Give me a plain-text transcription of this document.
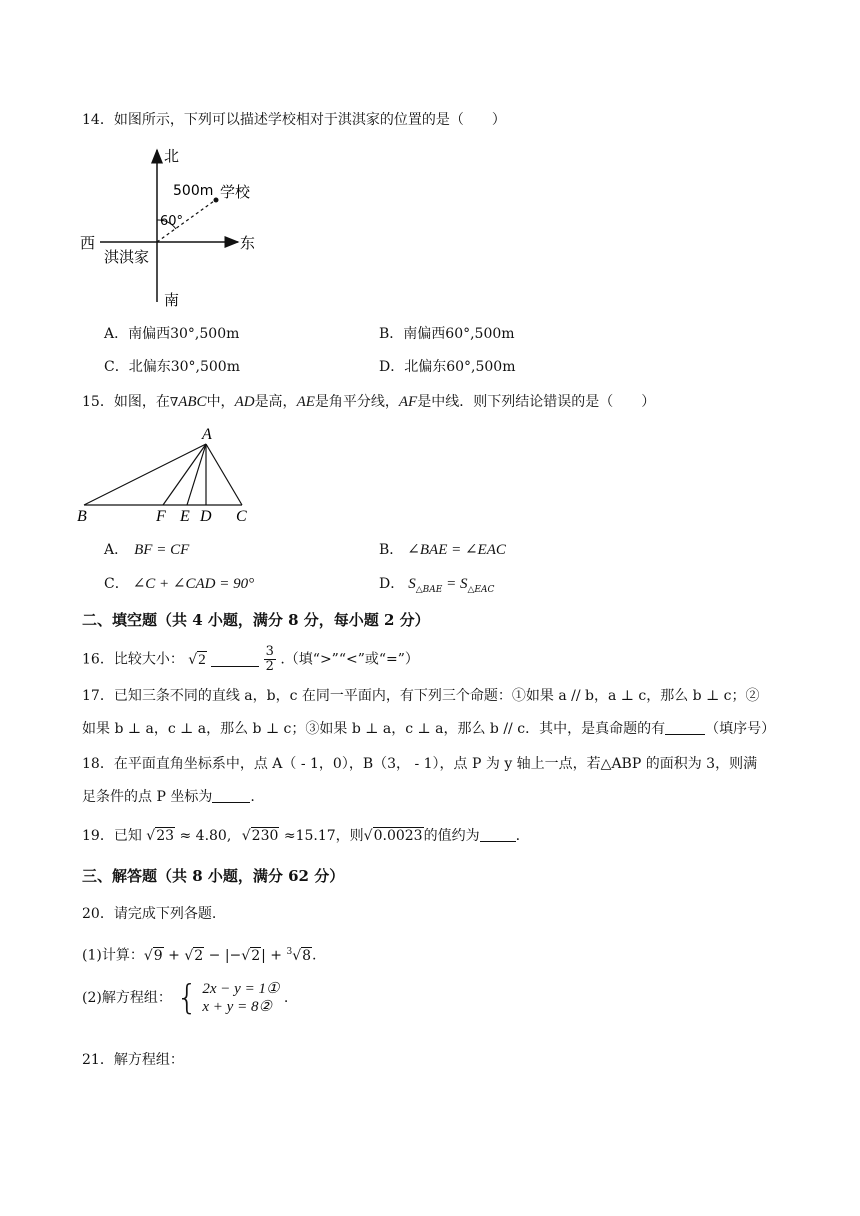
14．如图所示，下列可以描述学校相对于淇淇家的位置的是（　　）
北
南
东
西
淇淇家
500m 学校
60°
A．南偏西30°,500m	B．南偏西60°,500m
C．北偏东30°,500m	D．北偏东60°,500m
15．如图，在∇ABC中，AD是高，AE是角平分线，AF是中线．则下列结论错误的是（　　）
A
B	F E D C
A． BF = CF	B． ∠BAE = ∠EAC
C． ∠C + ∠CAD = 90°	D． $S_{\triangle BAE} = S_{\triangle EAC}$
二、填空题（共 4 小题，满分 8 分，每小题 2 分）
16．比较大小： √2	$\frac{3}{2}$ .（填“>”“<”或“=”）
17．已知三条不同的直线 a，b，c 在同一平面内，有下列三个命题：①如果 a // b，a ⊥ c，那么 b ⊥ c；②
如果 b ⊥ a，c ⊥ a，那么 b ⊥ c；③如果 b ⊥ a，c ⊥ a，那么 b // c．其中，是真命题的有	（填序号）
18．在平面直角坐标系中，点 A（ - 1，0），B（3， - 1），点 P 为 y 轴上一点，若△ABP 的面积为 3，则满
足条件的点 P 坐标为	.
19．已知 √23 ≈ 4.80, √230 ≈15.17，则√0.0023的值约为	.
三、解答题（共 8 小题，满分 62 分）
20．请完成下列各题.
(1)计算：√9 + √2 − |−√2| + $^3$√8.
(2)解方程组： { 2x − y = 1①
x + y = 8②
.
21．解方程组：
